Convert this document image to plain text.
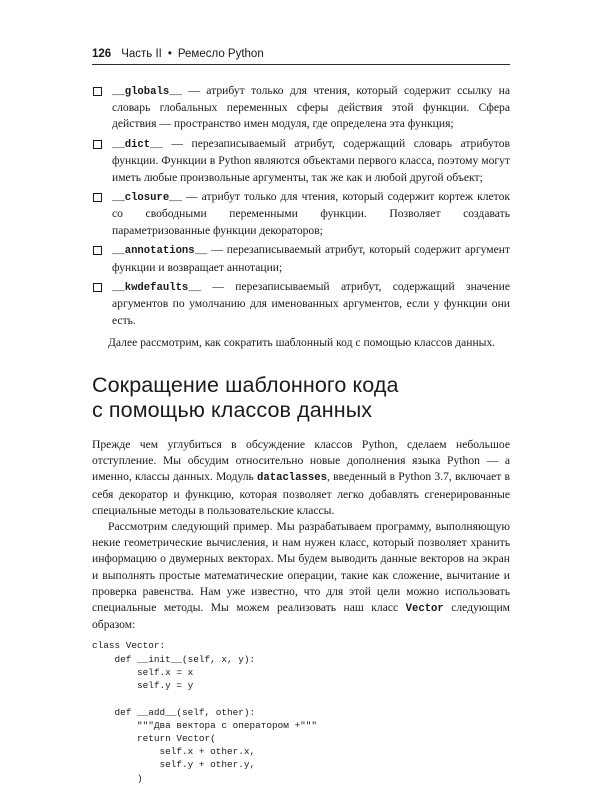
126 Часть II • Ремесло Python
__globals__ — атрибут только для чтения, который содержит ссылку на словарь глобальных переменных сферы действия этой функции. Сфера действия — пространство имен модуля, где определена эта функция;
__dict__ — перезаписываемый атрибут, содержащий словарь атрибутов функции. Функции в Python являются объектами первого класса, поэтому могут иметь любые произвольные аргументы, так же как и любой другой объект;
__closure__ — атрибут только для чтения, который содержит кортеж клеток со свободными переменными функции. Позволяет создавать параметризованные функции декораторов;
__annotations__ — перезаписываемый атрибут, который содержит аргумент функции и возвращает аннотации;
__kwdefaults__ — перезаписываемый атрибут, содержащий значение аргументов по умолчанию для именованных аргументов, если у функции они есть.

Далее рассмотрим, как сократить шаблонный код с помощью классов данных.

Сокращение шаблонного кода
с помощью классов данных

Прежде чем углубиться в обсуждение классов Python, сделаем небольшое отступление. Мы обсудим относительно новые дополнения языка Python — а именно, классы данных. Модуль dataclasses, введенный в Python 3.7, включает в себя декоратор и функцию, которая позволяет легко добавлять сгенерированные специальные методы в пользовательские классы.

Рассмотрим следующий пример. Мы разрабатываем программу, выполняющую некие геометрические вычисления, и нам нужен класс, который позволяет хранить информацию о двумерных векторах. Мы будем выводить данные векторов на экран и выполнять простые математические операции, такие как сложение, вычитание и проверка равенства. Нам уже известно, что для этой цели можно использовать специальные методы. Мы можем реализовать наш класс Vector следующим образом:

class Vector:
def __init__(self, x, y):
self.x = x
self.y = y

def __add__(self, other):
"""Два вектора с оператором +"""
return Vector(
self.x + other.x,
self.y + other.y,
)
